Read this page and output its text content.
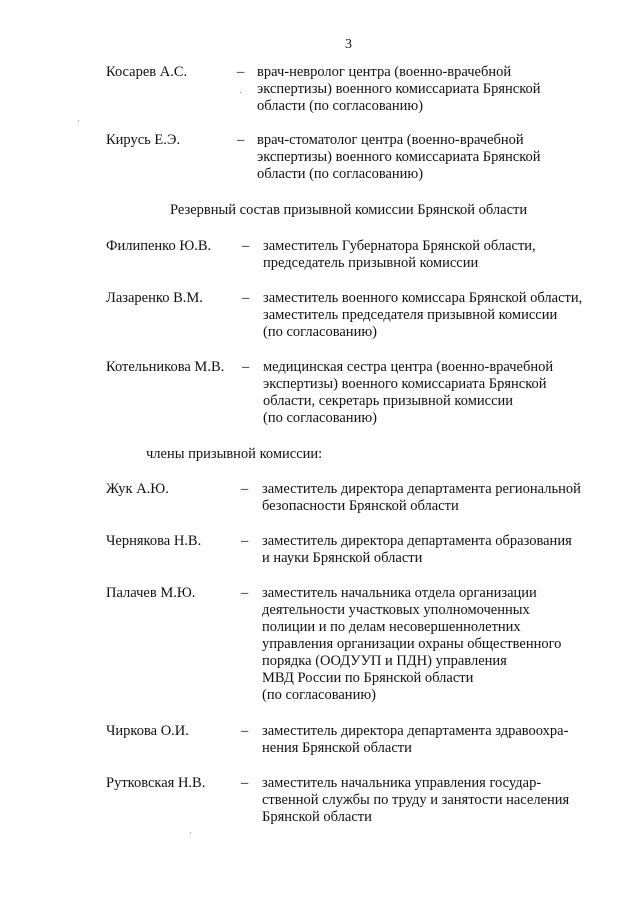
3
Косарев А.С.	– врач-невролог центра (военно-врачебной
экспертизы) военного комиссариата Брянской
области (по согласованию)
Кирусь Е.Э.	– врач-стоматолог центра (военно-врачебной
экспертизы) военного комиссариата Брянской
области (по согласованию)
Резервный состав призывной комиссии Брянской области
Филипенко Ю.В. – заместитель Губернатора Брянской области,
председатель призывной комиссии
Лазаренко В.М.	– заместитель военного комиссара Брянской области,
заместитель председателя призывной комиссии
(по согласованию)
Котельникова М.В. – медицинская сестра центра (военно-врачебной
экспертизы) военного комиссариата Брянской
области, секретарь призывной комиссии
(по согласованию)
члены призывной комиссии:
Жук А.Ю.	– заместитель директора департамента региональной
безопасности Брянской области
Чернякова Н.В.	– заместитель директора департамента образования
и науки Брянской области
Палачев М.Ю.	– заместитель начальника отдела организации
деятельности участковых уполномоченных
полиции и по делам несовершеннолетних
управления организации охраны общественного
порядка (ООДУУП и ПДН) управления
МВД России по Брянской области
(по согласованию)
Чиркова О.И.	– заместитель директора департамента здравоохра-
нения Брянской области
Рутковская Н.В. – заместитель начальника управления государ-
ственной службы по труду и занятости населения
Брянской области
